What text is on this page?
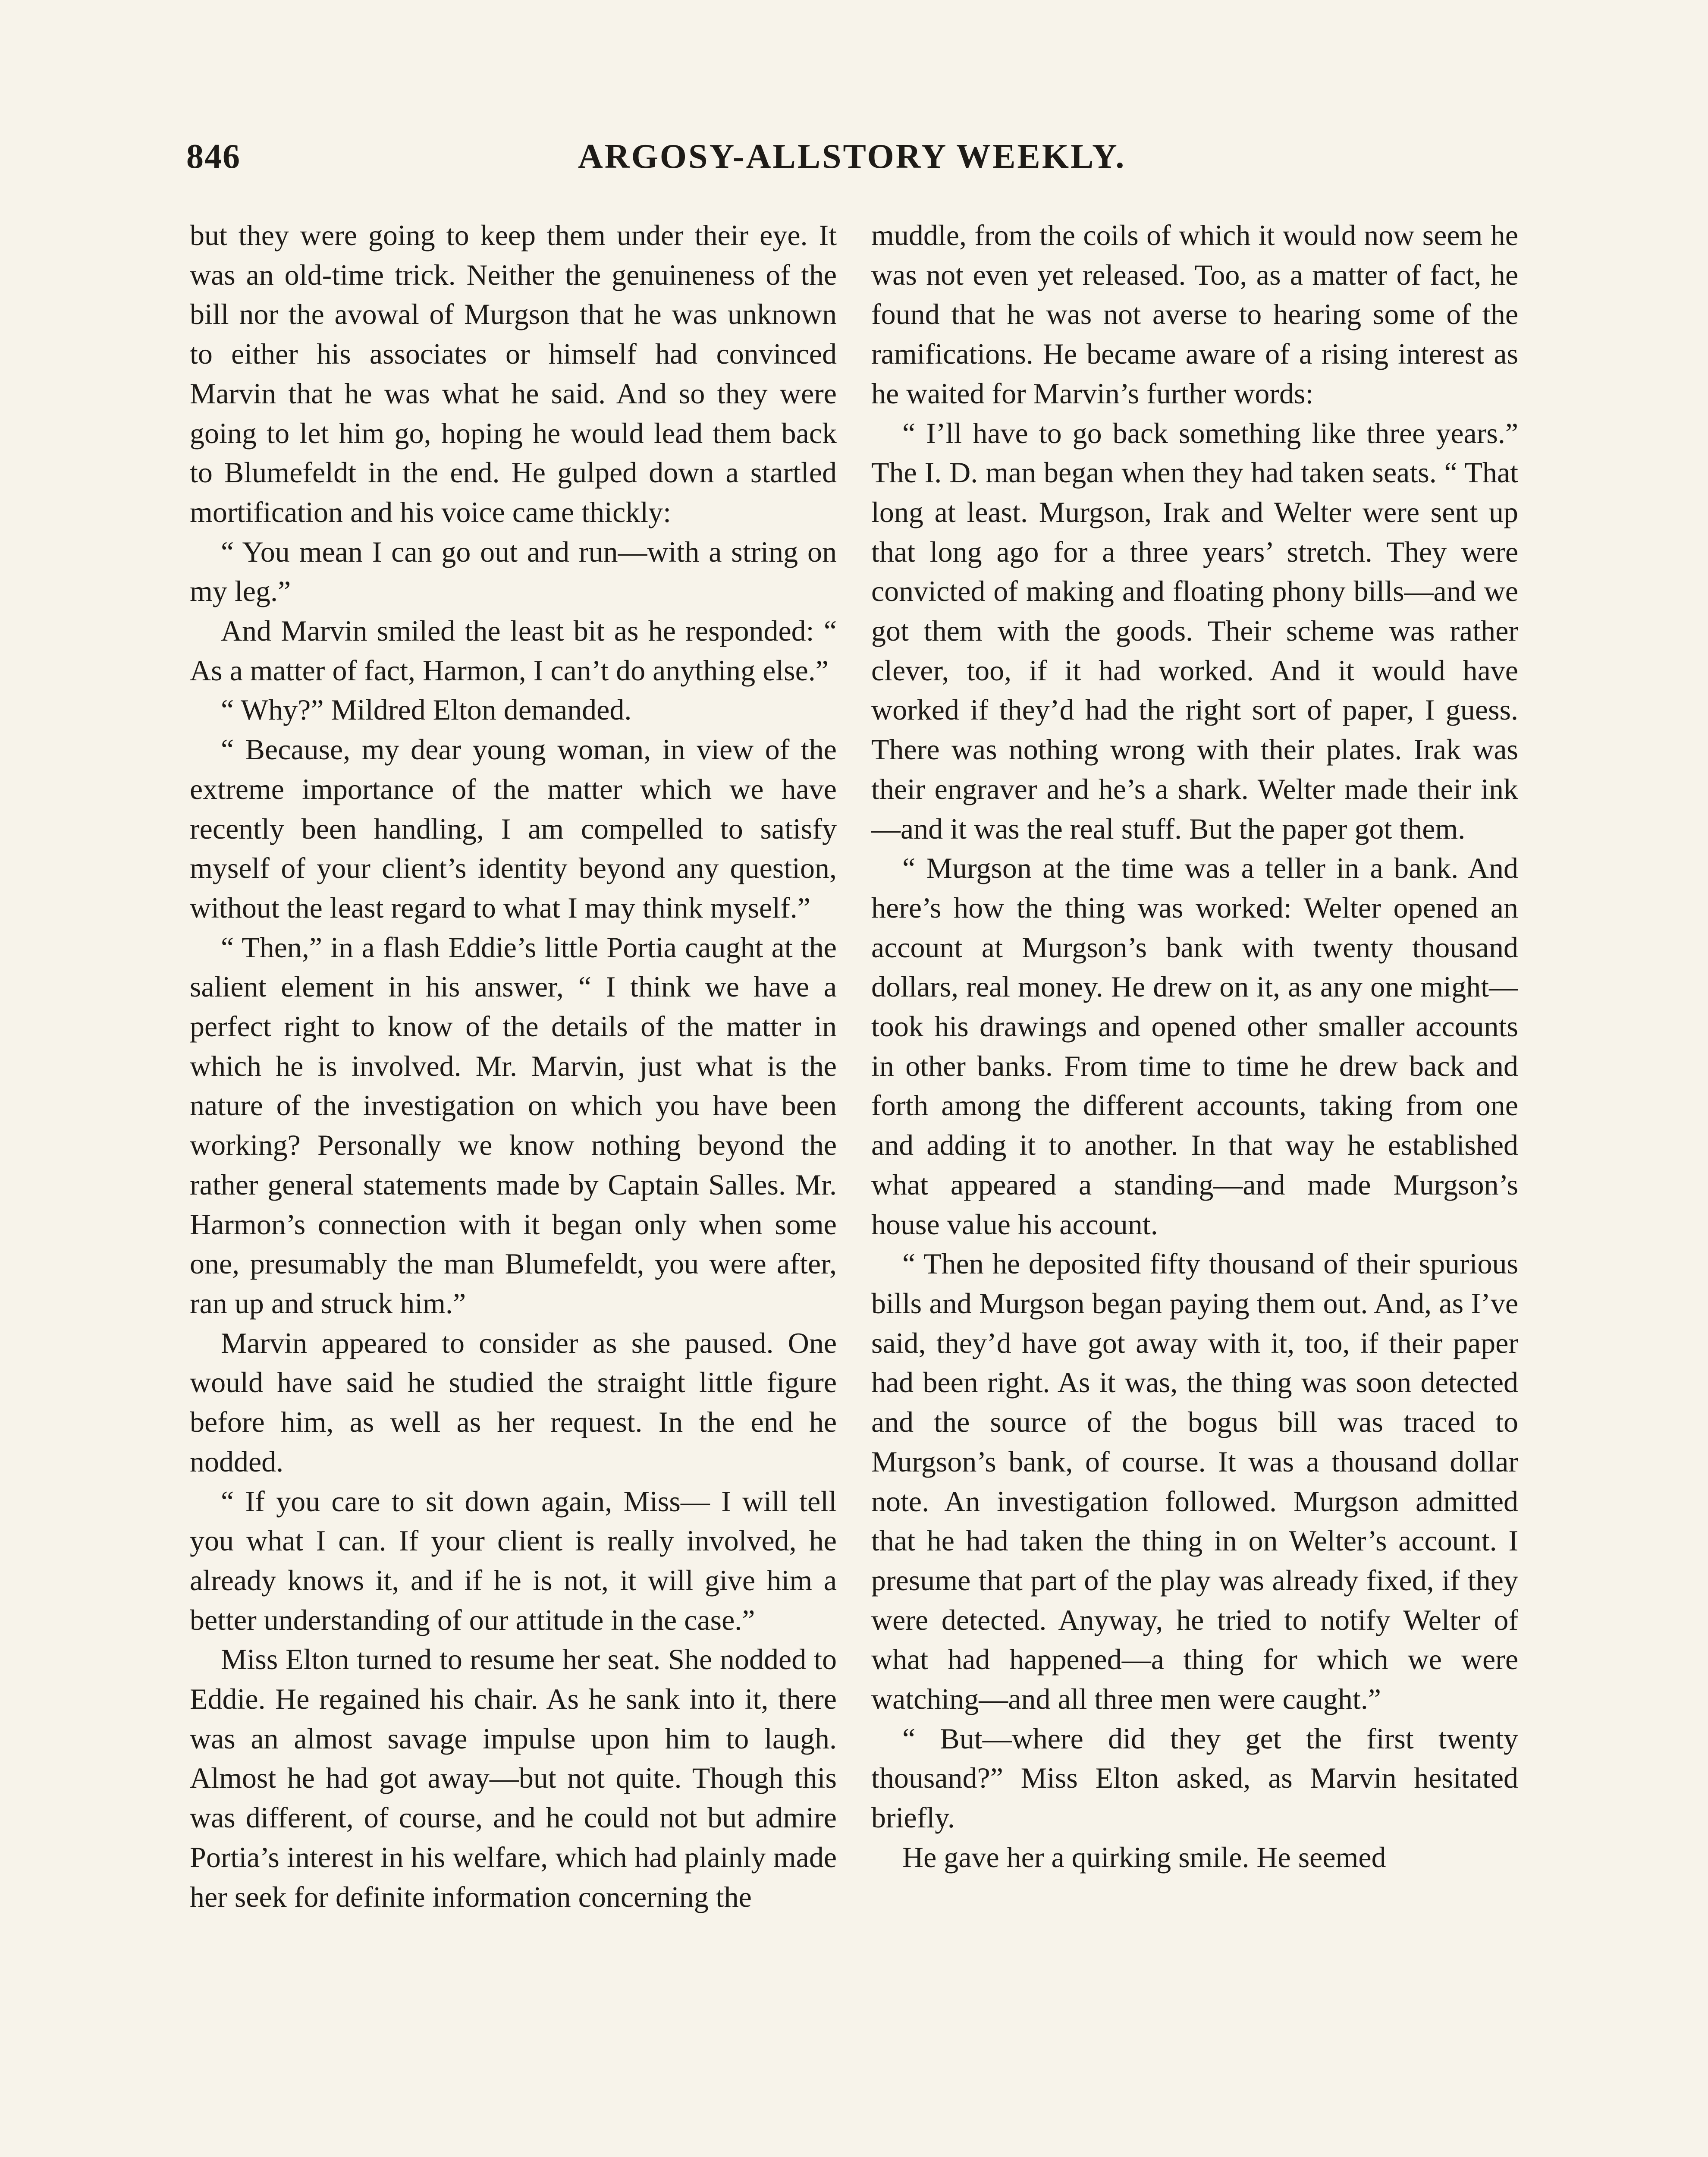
846	ARGOSY-ALLSTORY WEEKLY.

but they were going to keep them under their eye. It was an old-time trick. Neither the genuineness of the bill nor the avowal of Murgson that he was unknown to either his associates or himself had convinced Marvin that he was what he said. And so they were going to let him go, hoping he would lead them back to Blumefeldt in the end. He gulped down a startled mortification and his voice came thickly:

“ You mean I can go out and run—with a string on my leg.”

And Marvin smiled the least bit as he responded: “ As a matter of fact, Harmon, I can’t do anything else.”

“ Why?” Mildred Elton demanded.

“ Because, my dear young woman, in view of the extreme importance of the matter which we have recently been handling, I am compelled to satisfy myself of your client’s identity beyond any question, without the least regard to what I may think myself.”

“ Then,” in a flash Eddie’s little Portia caught at the salient element in his answer, “ I think we have a perfect right to know of the details of the matter in which he is involved. Mr. Marvin, just what is the nature of the investigation on which you have been working? Personally we know nothing beyond the rather general statements made by Captain Salles. Mr. Harmon’s connection with it began only when some one, presumably the man Blumefeldt, you were after, ran up and struck him.”

Marvin appeared to consider as she paused. One would have said he studied the straight little figure before him, as well as her request. In the end he nodded.

“ If you care to sit down again, Miss— I will tell you what I can. If your client is really involved, he already knows it, and if he is not, it will give him a better understanding of our attitude in the case.”

Miss Elton turned to resume her seat. She nodded to Eddie. He regained his chair. As he sank into it, there was an almost savage impulse upon him to laugh. Almost he had got away—but not quite. Though this was different, of course, and he could not but admire Portia’s interest in his welfare, which had plainly made her seek for definite information concerning the

muddle, from the coils of which it would now seem he was not even yet released. Too, as a matter of fact, he found that he was not averse to hearing some of the ramifications. He became aware of a rising interest as he waited for Marvin’s further words:

“ I’ll have to go back something like three years.” The I. D. man began when they had taken seats. “ That long at least. Murgson, Irak and Welter were sent up that long ago for a three years’ stretch. They were convicted of making and floating phony bills—and we got them with the goods. Their scheme was rather clever, too, if it had worked. And it would have worked if they’d had the right sort of paper, I guess. There was nothing wrong with their plates. Irak was their engraver and he’s a shark. Welter made their ink—and it was the real stuff. But the paper got them.

“ Murgson at the time was a teller in a bank. And here’s how the thing was worked: Welter opened an account at Murgson’s bank with twenty thousand dollars, real money. He drew on it, as any one might—took his drawings and opened other smaller accounts in other banks. From time to time he drew back and forth among the different accounts, taking from one and adding it to another. In that way he established what appeared a standing—and made Murgson’s house value his account.

“ Then he deposited fifty thousand of their spurious bills and Murgson began paying them out. And, as I’ve said, they’d have got away with it, too, if their paper had been right. As it was, the thing was soon detected and the source of the bogus bill was traced to Murgson’s bank, of course. It was a thousand dollar note. An investigation followed. Murgson admitted that he had taken the thing in on Welter’s account. I presume that part of the play was already fixed, if they were detected. Anyway, he tried to notify Welter of what had happened—a thing for which we were watching—and all three men were caught.”

“ But—where did they get the first twenty thousand?” Miss Elton asked, as Marvin hesitated briefly.

He gave her a quirking smile. He seemed
